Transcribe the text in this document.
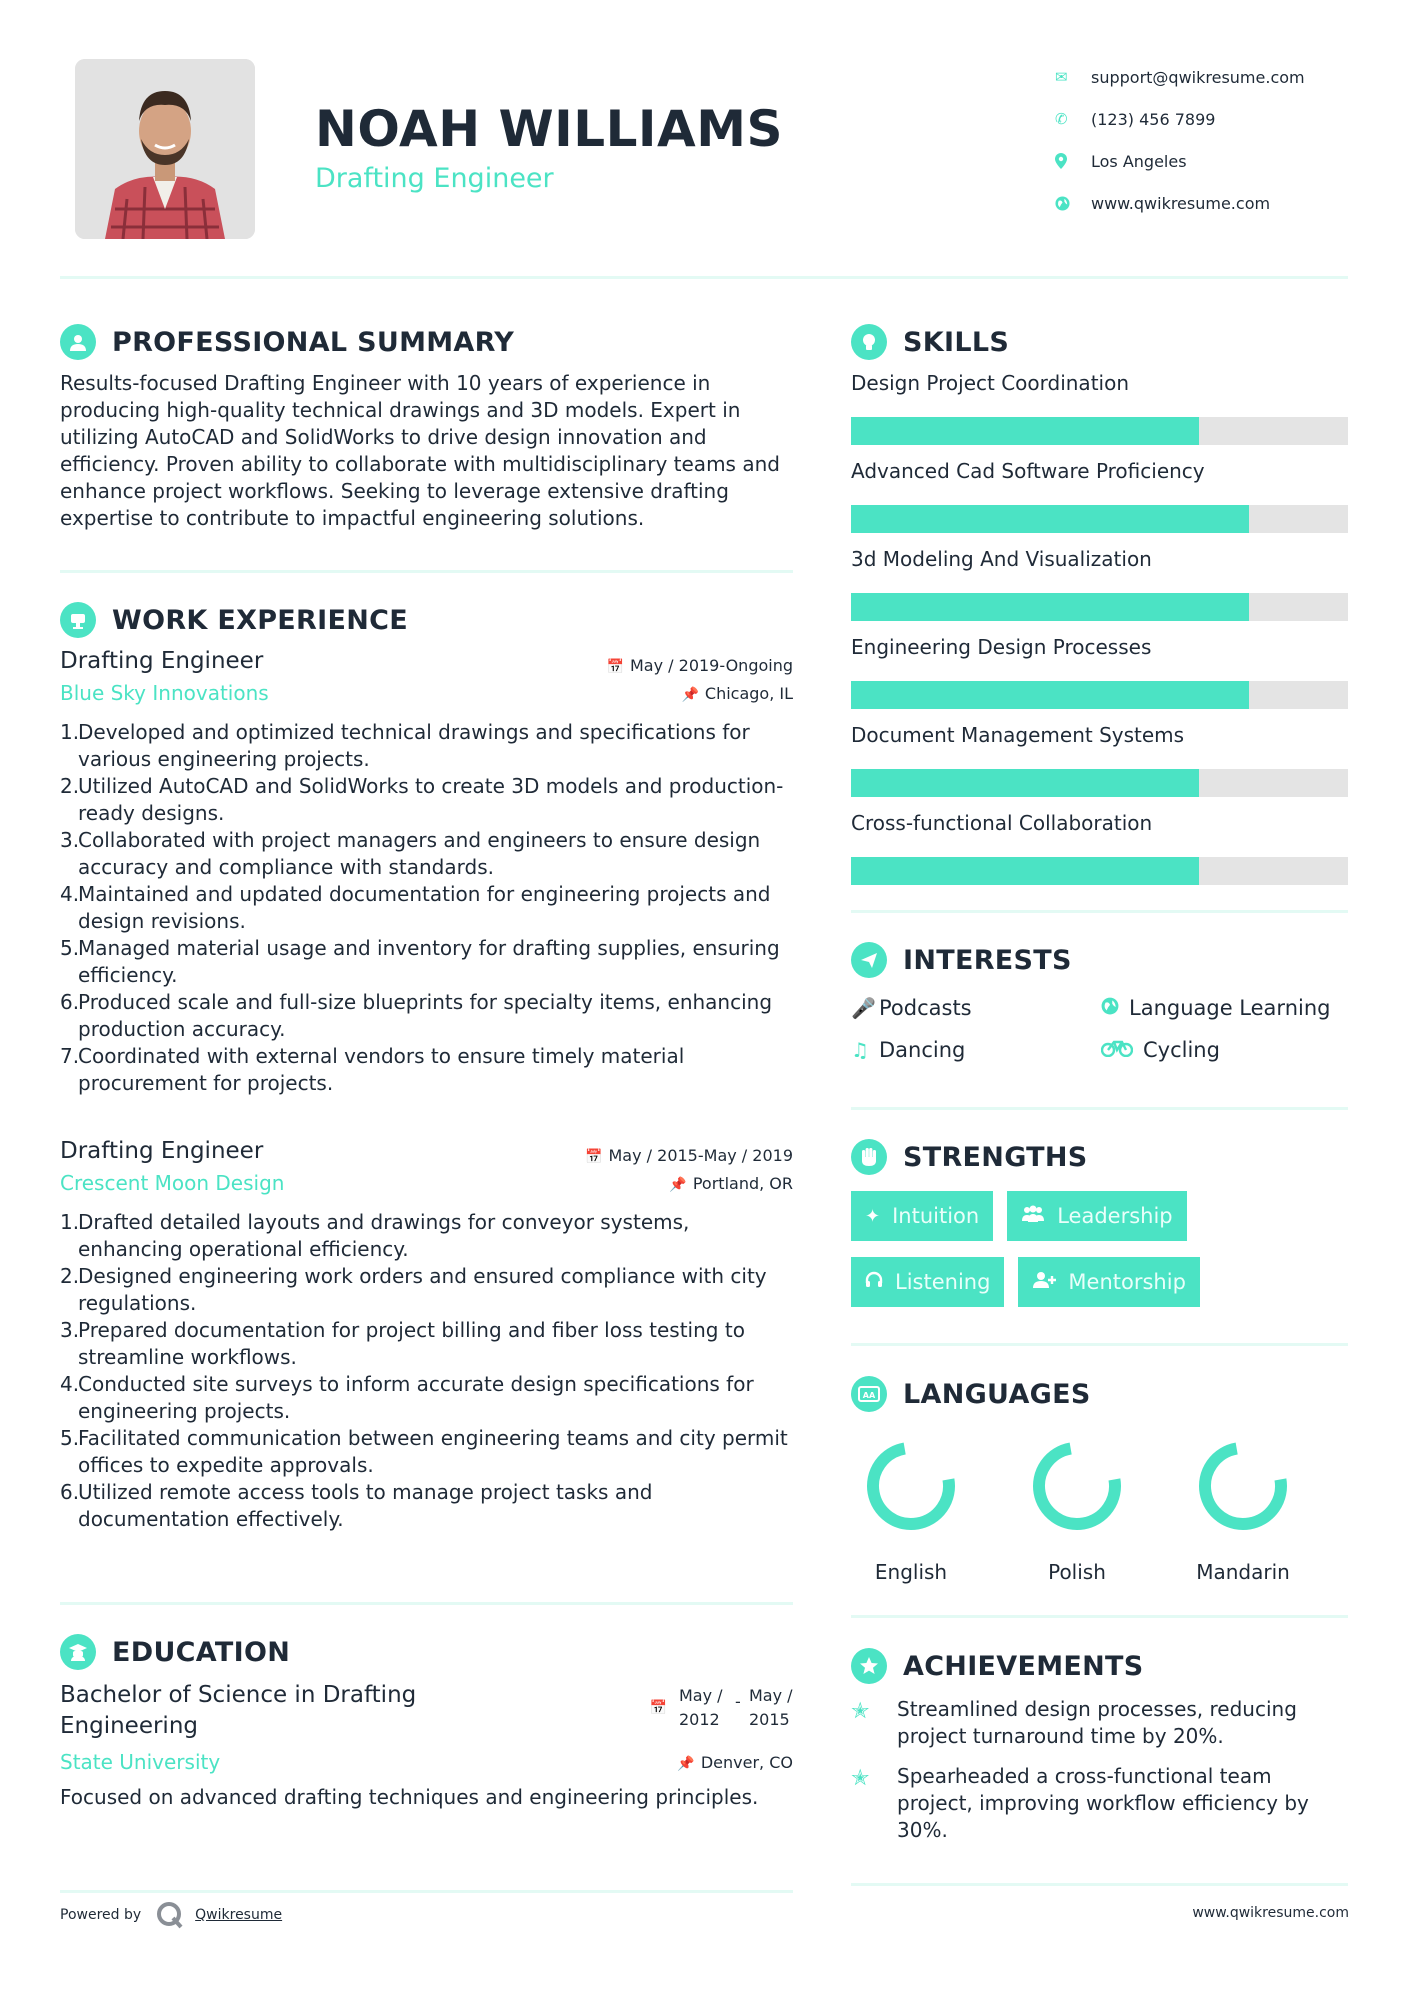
NOAH WILLIAMS
Drafting Engineer
✉	support@qwikresume.com
✆	(123) 456 7899
Los Angeles
www.qwikresume.com
PROFESSIONAL SUMMARY

Results-focused Drafting Engineer with 10 years of experience in producing high-quality technical drawings and 3D models. Expert in utilizing AutoCAD and SolidWorks to drive design innovation and efficiency. Proven ability to collaborate with multidisciplinary teams and enhance project workflows. Seeking to leverage extensive drafting expertise to contribute to impactful engineering solutions.

WORK EXPERIENCE
Drafting Engineer	📅 May / 2019-Ongoing
Blue Sky Innovations	📌 Chicago, IL
1.
Developed and optimized technical drawings and specifications for various engineering projects.
2.
Utilized AutoCAD and SolidWorks to create 3D models and production-ready designs.
3.
Collaborated with project managers and engineers to ensure design accuracy and compliance with standards.
4.
Maintained and updated documentation for engineering projects and design revisions.
5.
Managed material usage and inventory for drafting supplies, ensuring efficiency.
6.
Produced scale and full-size blueprints for specialty items, enhancing production accuracy.
7.
Coordinated with external vendors to ensure timely material procurement for projects.
Drafting Engineer	📅 May / 2015-May / 2019
Crescent Moon Design	📌 Portland, OR
1.
Drafted detailed layouts and drawings for conveyor systems, enhancing operational efficiency.
2.
Designed engineering work orders and ensured compliance with city regulations.
3.
Prepared documentation for project billing and fiber loss testing to streamline workflows.
4.
Conducted site surveys to inform accurate design specifications for engineering projects.
5.
Facilitated communication between engineering teams and city permit offices to expedite approvals.
6.
Utilized remote access tools to manage project tasks and documentation effectively.
EDUCATION
Bachelor of Science in Drafting Engineering
📅
May /
2012
- May /
2015
State University	📌 Denver, CO

Focused on advanced drafting techniques and engineering principles.

SKILLS
Design Project Coordination
Advanced Cad Software Proficiency
3d Modeling And Visualization
Engineering Design Processes
Document Management Systems
Cross-functional Collaboration
INTERESTS
🎤 Podcasts	Language Learning
♫ Dancing	Cycling
STRENGTHS
✦ Intuition	Leadership
Listening	Mentorship
AА LANGUAGES
English	Polish	Mandarin
ACHIEVEMENTS
✭	Streamlined design processes, reducing project turnaround time by 20%.
✭	Spearheaded a cross-functional team project, improving workflow efficiency by 30%.
Powered by	Qwikresume	www.qwikresume.com
